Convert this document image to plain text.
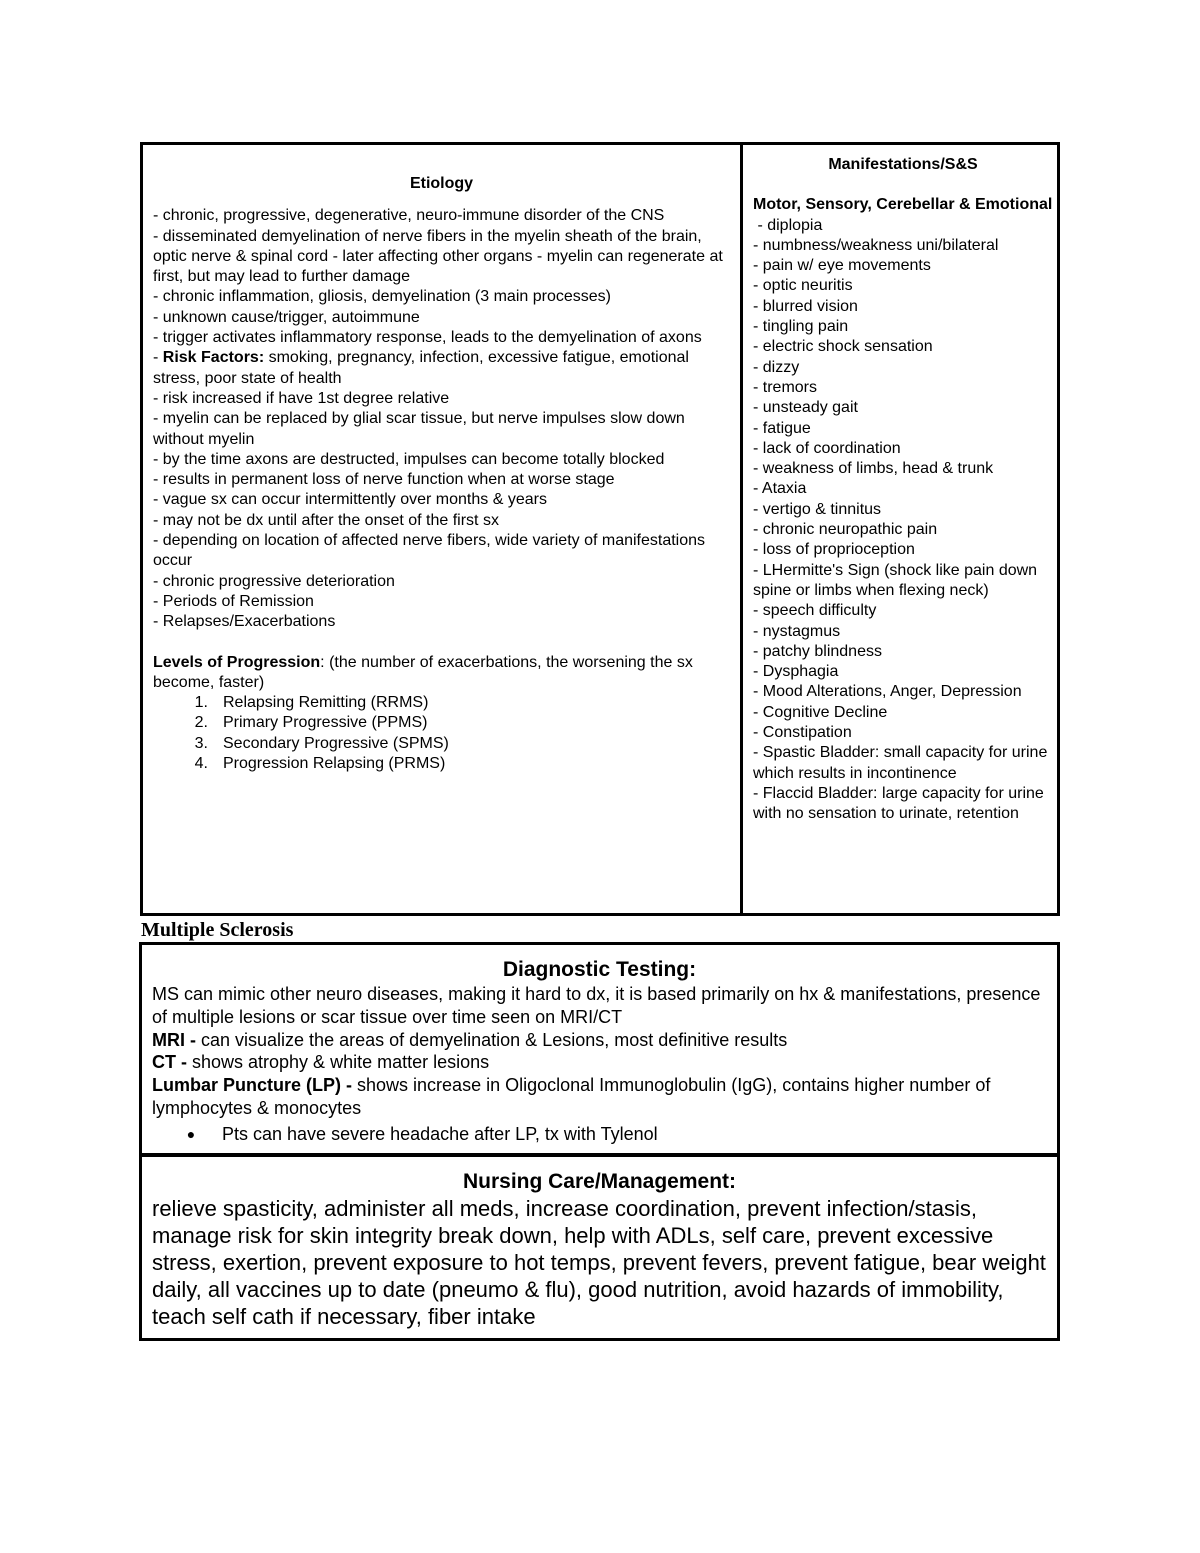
Etiology
- chronic, progressive, degenerative, neuro-immune disorder of the CNS
- disseminated demyelination of nerve fibers in the myelin sheath of the brain, optic nerve & spinal cord - later affecting other organs - myelin can regenerate at first, but may lead to further damage
- chronic inflammation, gliosis, demyelination (3 main processes)
- unknown cause/trigger, autoimmune
- trigger activates inflammatory response, leads to the demyelination of axons
- Risk Factors: smoking, pregnancy, infection, excessive fatigue, emotional stress, poor state of health
- risk increased if have 1st degree relative
- myelin can be replaced by glial scar tissue, but nerve impulses slow down without myelin
- by the time axons are destructed, impulses can become totally blocked
- results in permanent loss of nerve function when at worse stage
- vague sx can occur intermittently over months & years
- may not be dx until after the onset of the first sx
- depending on location of affected nerve fibers, wide variety of manifestations occur
- chronic progressive deterioration
- Periods of Remission
- Relapses/Exacerbations
Levels of Progression: (the number of exacerbations, the worsening the sx become, faster)
1. Relapsing Remitting (RRMS)
2. Primary Progressive (PPMS)
3. Secondary Progressive (SPMS)
4. Progression Relapsing (PRMS)
Manifestations/S&S
Motor, Sensory, Cerebellar & Emotional
- diplopia
- numbness/weakness uni/bilateral
- pain w/ eye movements
- optic neuritis
- blurred vision
- tingling pain
- electric shock sensation
- dizzy
- tremors
- unsteady gait
- fatigue
- lack of coordination
- weakness of limbs, head & trunk
- Ataxia
- vertigo & tinnitus
- chronic neuropathic pain
- loss of proprioception
- LHermitte's Sign (shock like pain down spine or limbs when flexing neck)
- speech difficulty
- nystagmus
- patchy blindness
- Dysphagia
- Mood Alterations, Anger, Depression
- Cognitive Decline
- Constipation
- Spastic Bladder: small capacity for urine which results in incontinence
- Flaccid Bladder: large capacity for urine with no sensation to urinate, retention
Multiple Sclerosis
Diagnostic Testing:
MS can mimic other neuro diseases, making it hard to dx, it is based primarily on hx & manifestations, presence of multiple lesions or scar tissue over time seen on MRI/CT
MRI - can visualize the areas of demyelination & Lesions, most definitive results
CT - shows atrophy & white matter lesions
Lumbar Puncture (LP) - shows increase in Oligoclonal Immunoglobulin (IgG), contains higher number of lymphocytes & monocytes
●	Pts can have severe headache after LP, tx with Tylenol
Nursing Care/Management:
relieve spasticity, administer all meds, increase coordination, prevent infection/stasis, manage risk for skin integrity break down, help with ADLs, self care, prevent excessive stress, exertion, prevent exposure to hot temps, prevent fevers, prevent fatigue, bear weight daily, all vaccines up to date (pneumo & flu), good nutrition, avoid hazards of immobility, teach self cath if necessary, fiber intake
